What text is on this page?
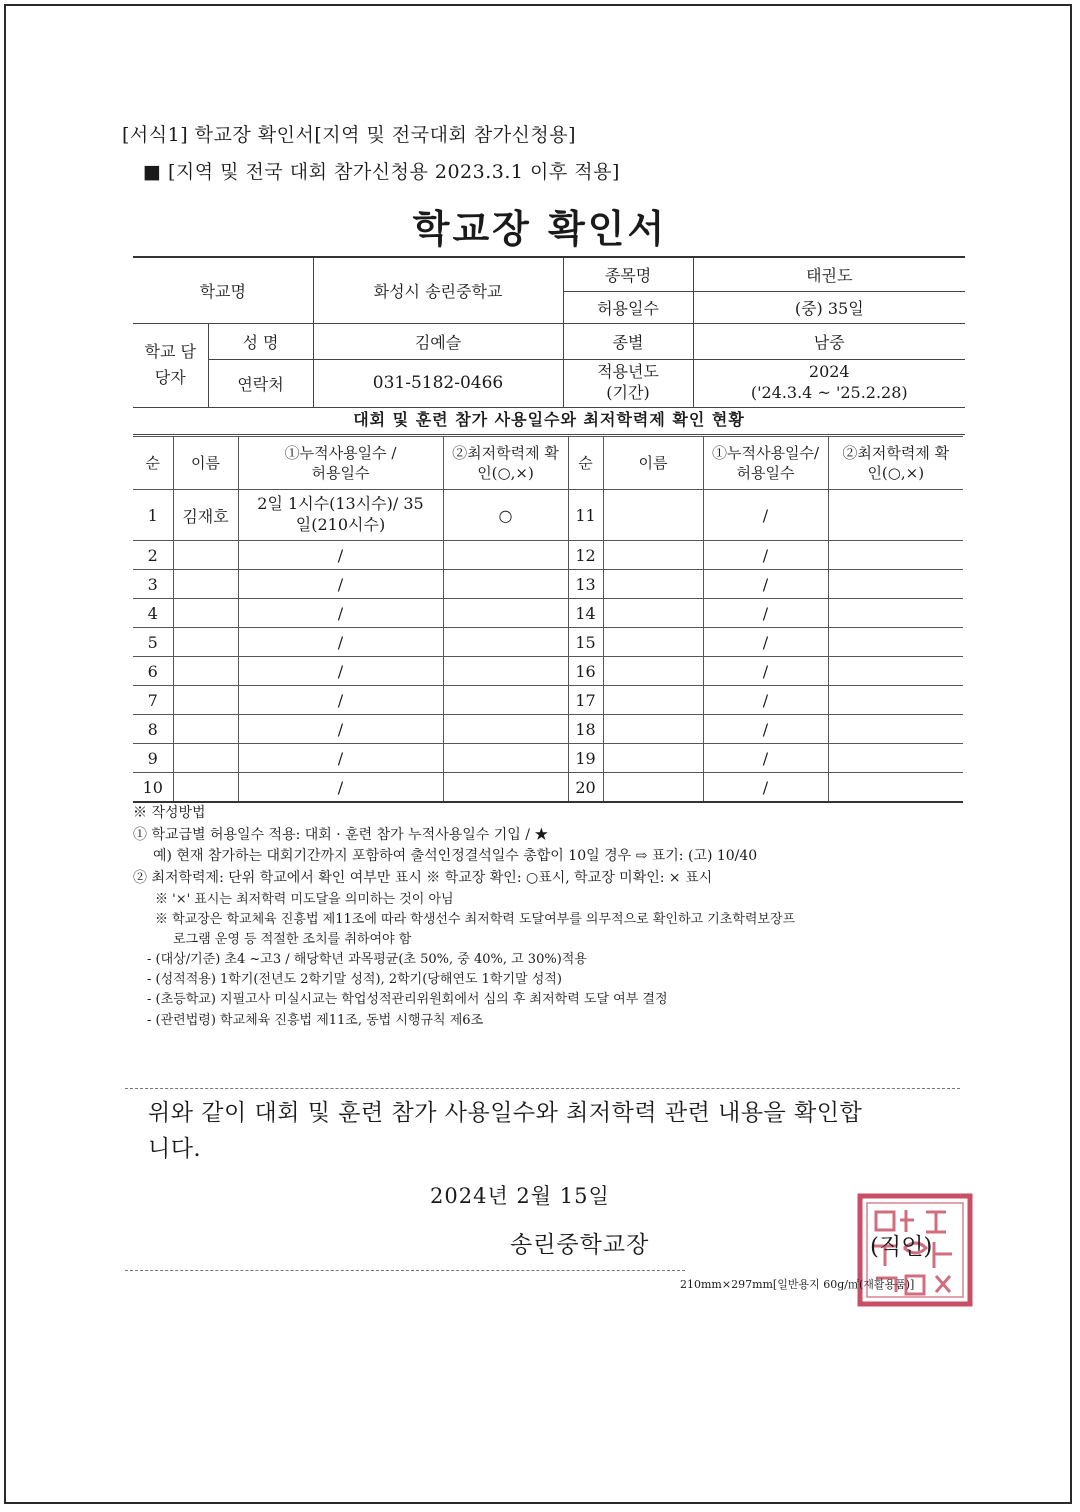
[서식1] 학교장 확인서[지역 및 전국대회 참가신청용]
■ [지역 및 전국 대회 참가신청용 2023.3.1 이후 적용]
학교장 확인서
학교명		화성시 송린중학교	종목명	태권도
			허용일수	(중) 35일
학교 담당자	성 명	김예슬	종별	남중
	연락처	031-5182-0466	적용년도 (기간)	2024
('24.3.4 ~ '25.2.28)
대회 및 훈련 참가 사용일수와 최저학력제 확인 현황
순	이름	①누적사용일수 /허용일수	②최저학력제 확인(○,×)	순	이름	①누적사용일수/ 허용일수	②최저학력제 확인(○,×)
1	김재호	2일 1시수(13시수)/ 35일(210시수)	○	11		/	
2		/		12		/	
3		/		13		/	
4		/		14		/	
5		/		15		/	
6		/		16		/	
7		/		17		/	
8		/		18		/	
9		/		19		/	
10		/		20		/	
※ 작성방법
① 학교급별 허용일수 적용: 대회 · 훈련 참가 누적사용일수 기입 / ★
예) 현재 참가하는 대회기간까지 포함하여 출석인정결석일수 총합이 10일 경우 ⇨ 표기: (고) 10/40
② 최저학력제: 단위 학교에서 확인 여부만 표시 ※ 학교장 확인: ○표시, 학교장 미확인: × 표시
※ '×' 표시는 최저학력 미도달을 의미하는 것이 아님
※ 학교장은 학교체육 진흥법 제11조에 따라 학생선수 최저학력 도달여부를 의무적으로 확인하고 기초학력보장프
로그램 운영 등 적절한 조치를 취하여야 함
- (대상/기준) 초4 ~고3 / 해당학년 과목평균(초 50%, 중 40%, 고 30%)적용
- (성적적용) 1학기(전년도 2학기말 성적), 2학기(당해연도 1학기말 성적)
- (초등학교) 지필고사 미실시교는 학업성적관리위원회에서 심의 후 최저학력 도달 여부 결정
- (관련법령) 학교체육 진흥법 제11조, 동법 시행규칙 제6조
위와 같이 대회 및 훈련 참가 사용일수와 최저학력 관련 내용을 확인합
니다.
2024년 2월 15일
송린중학교장	(직인)
210mm×297mm[일반용지 60g/㎡(재활용품)]
